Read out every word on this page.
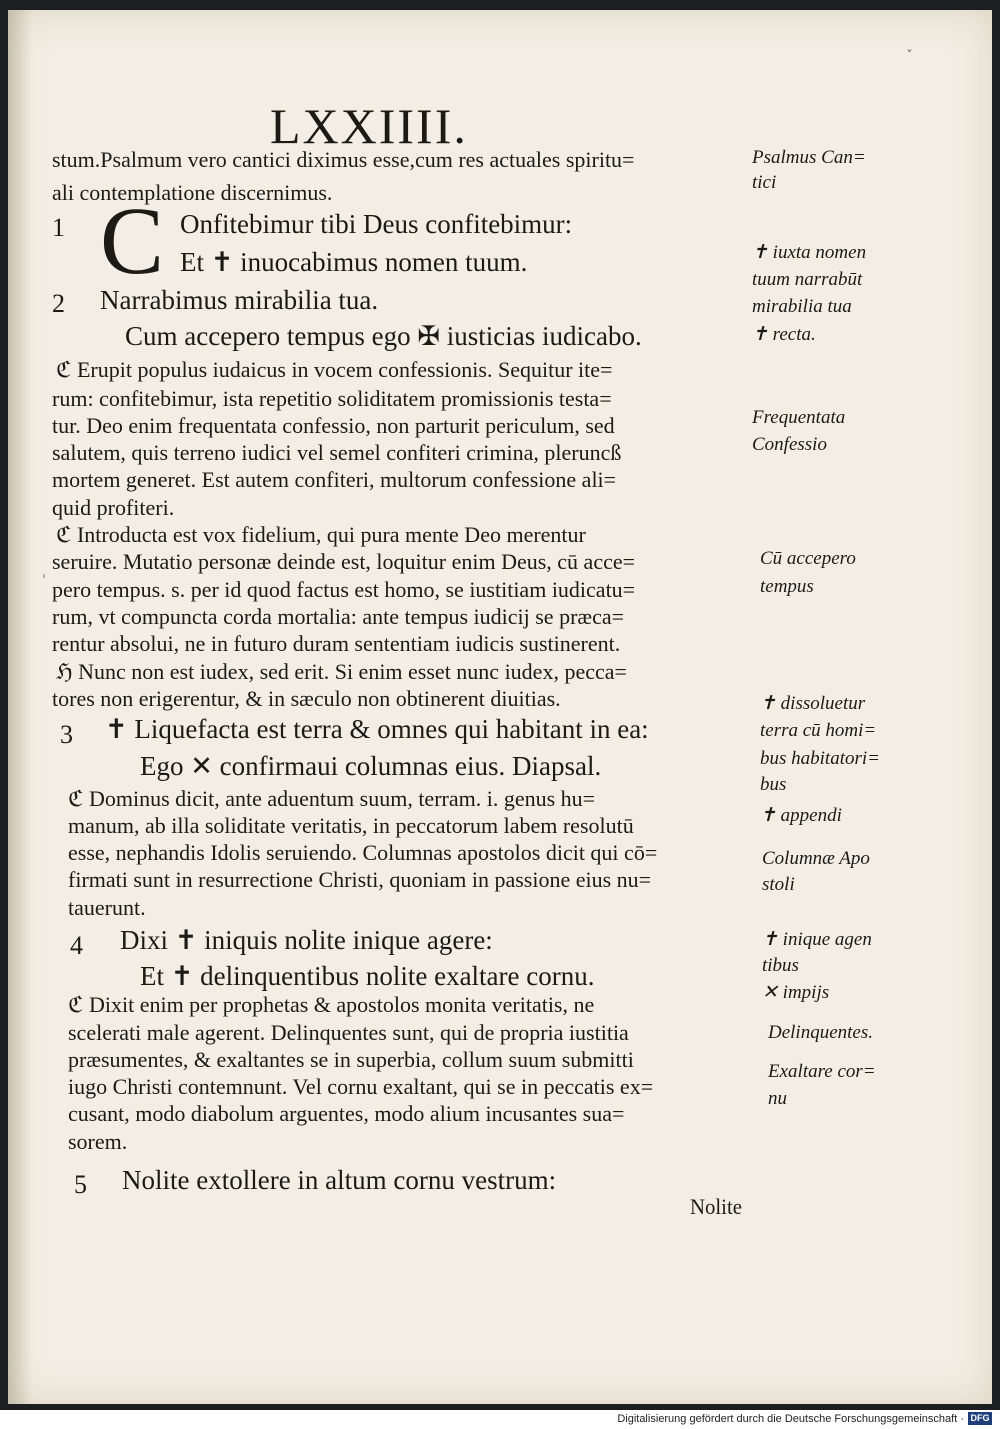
ˇ
ˈ
LXXIIII.
C
stum.Psalmum vero cantici diximus esse,cum res actuales spiritu=
ali contemplatione discernimus.
Onfitebimur tibi Deus confitebimur:
Et ✝ inuocabimus nomen tuum.
Narrabimus mirabilia tua.
Cum accepero tempus ego ✠ iusticias iudicabo.
ℭ Erupit populus iudaicus in vocem confessionis. Sequitur ite=
rum: confitebimur, ista repetitio soliditatem promissionis testa=
tur. Deo enim frequentata confessio, non parturit periculum, sed
salutem, quis terreno iudici vel semel confiteri crimina, pleruncß
mortem generet. Est autem confiteri, multorum confessione ali=
quid profiteri.
ℭ Introducta est vox fidelium, qui pura mente Deo merentur
seruire. Mutatio personæ deinde est, loquitur enim Deus, cū acce=
pero tempus. s. per id quod factus est homo, se iustitiam iudicatu=
rum, vt compuncta corda mortalia: ante tempus iudicij se præca=
rentur absolui, ne in futuro duram sententiam iudicis sustinerent.
ℌ Nunc non est iudex, sed erit. Si enim esset nunc iudex, pecca=
tores non erigerentur, & in sæculo non obtinerent diuitias.
✝ Liquefacta est terra & omnes qui habitant in ea:
Ego ✕ confirmaui columnas eius. Diapsal.
ℭ Dominus dicit, ante aduentum suum, terram. i. genus hu=
manum, ab illa soliditate veritatis, in peccatorum labem resolutū
esse, nephandis Idolis seruiendo. Columnas apostolos dicit qui cō=
firmati sunt in resurrectione Christi, quoniam in passione eius nu=
tauerunt.
Dixi ✝ iniquis nolite inique agere:
Et ✝ delinquentibus nolite exaltare cornu.
ℭ Dixit enim per prophetas & apostolos monita veritatis, ne
scelerati male agerent. Delinquentes sunt, qui de propria iustitia
præsumentes, & exaltantes se in superbia, collum suum submitti
iugo Christi contemnunt. Vel cornu exaltant, qui se in peccatis ex=
cusant, modo diabolum arguentes, modo alium incusantes sua=
sorem.
Nolite extollere in altum cornu vestrum:
Nolite
1
2
3
4
5
Psalmus Can=
tici
✝ iuxta nomen
tuum narrabūt
mirabilia tua
✝ recta.
Frequentata
Confessio
Cū accepero
tempus
✝ dissoluetur
terra cū homi=
bus habitatori=
bus
✝ appendi
Columnæ Apo
stoli
✝ inique agen
tibus
✕ impijs
Delinquentes.
Exaltare cor=
nu
Digitalisierung gefördert durch die Deutsche Forschungsgemeinschaft · DFG
